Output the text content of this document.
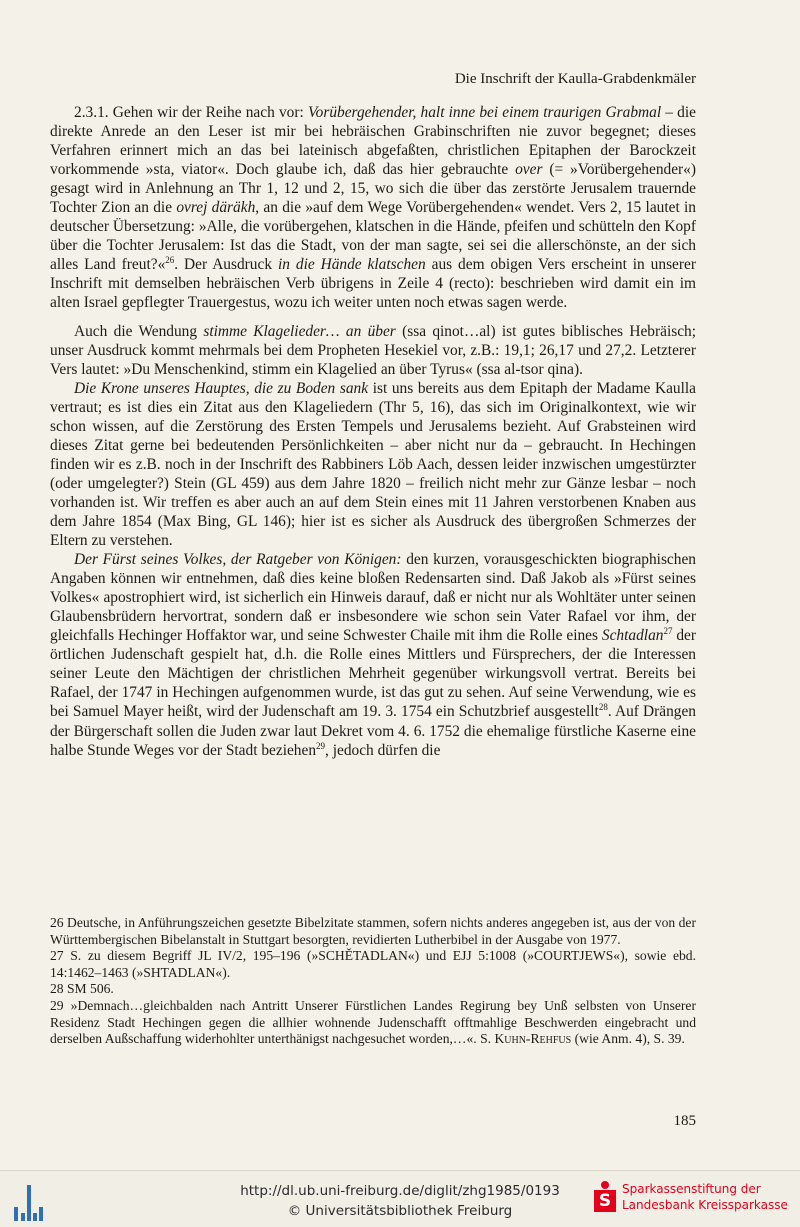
Die Inschrift der Kaulla-Grabdenkmäler

2.3.1. Gehen wir der Reihe nach vor: Vorübergehender, halt inne bei einem traurigen Grabmal – die direkte Anrede an den Leser ist mir bei hebräischen Grabinschriften nie zuvor begegnet; dieses Verfahren erinnert mich an das bei lateinisch abgefaßten, christlichen Epitaphen der Barockzeit vorkommende »sta, viator«. Doch glaube ich, daß das hier gebrauchte over (= »Vorübergehender«) gesagt wird in Anlehnung an Thr 1, 12 und 2, 15, wo sich die über das zerstörte Jerusalem trauernde Tochter Zion an die ovrej däräkh, an die »auf dem Wege Vorübergehenden« wendet. Vers 2, 15 lautet in deutscher Übersetzung: »Alle, die vorübergehen, klatschen in die Hände, pfeifen und schütteln den Kopf über die Tochter Jerusalem: Ist das die Stadt, von der man sagte, sei sei die allerschönste, an der sich alles Land freut?«$^{26}$. Der Ausdruck in die Hände klatschen aus dem obigen Vers erscheint in unserer Inschrift mit demselben hebräischen Verb übrigens in Zeile 4 (recto): beschrieben wird damit ein im alten Israel gepflegter Trauergestus, wozu ich weiter unten noch etwas sagen werde.

Auch die Wendung stimme Klagelieder… an über (ssa qinot…al) ist gutes biblisches Hebräisch; unser Ausdruck kommt mehrmals bei dem Propheten Hesekiel vor, z.B.: 19,1; 26,17 und 27,2. Letzterer Vers lautet: »Du Menschenkind, stimm ein Klagelied an über Tyrus« (ssa al-tsor qina).

Die Krone unseres Hauptes, die zu Boden sank ist uns bereits aus dem Epitaph der Madame Kaulla vertraut; es ist dies ein Zitat aus den Klageliedern (Thr 5, 16), das sich im Originalkontext, wie wir schon wissen, auf die Zerstörung des Ersten Tempels und Jerusalems bezieht. Auf Grabsteinen wird dieses Zitat gerne bei bedeutenden Persönlichkeiten – aber nicht nur da – gebraucht. In Hechingen finden wir es z.B. noch in der Inschrift des Rabbiners Löb Aach, dessen leider inzwischen umgestürzter (oder umgelegter?) Stein (GL 459) aus dem Jahre 1820 – freilich nicht mehr zur Gänze lesbar – noch vorhanden ist. Wir treffen es aber auch an auf dem Stein eines mit 11 Jahren verstorbenen Knaben aus dem Jahre 1854 (Max Bing, GL 146); hier ist es sicher als Ausdruck des übergroßen Schmerzes der Eltern zu verstehen.

Der Fürst seines Volkes, der Ratgeber von Königen: den kurzen, vorausgeschickten biographischen Angaben können wir entnehmen, daß dies keine bloßen Redensarten sind. Daß Jakob als »Fürst seines Volkes« apostrophiert wird, ist sicherlich ein Hinweis darauf, daß er nicht nur als Wohltäter unter seinen Glaubensbrüdern hervortrat, sondern daß er insbesondere wie schon sein Vater Rafael vor ihm, der gleichfalls Hechinger Hoffaktor war, und seine Schwester Chaile mit ihm die Rolle eines Schtadlan$^{27}$ der örtlichen Judenschaft gespielt hat, d.h. die Rolle eines Mittlers und Fürsprechers, der die Interessen seiner Leute den Mächtigen der christlichen Mehrheit gegenüber wirkungsvoll vertrat. Bereits bei Rafael, der 1747 in Hechingen aufgenommen wurde, ist das gut zu sehen. Auf seine Verwendung, wie es bei Samuel Mayer heißt, wird der Judenschaft am 19. 3. 1754 ein Schutzbrief ausgestellt$^{28}$. Auf Drängen der Bürgerschaft sollen die Juden zwar laut Dekret vom 4. 6. 1752 die ehemalige fürstliche Kaserne eine halbe Stunde Weges vor der Stadt beziehen$^{29}$, jedoch dürfen die

26 Deutsche, in Anführungszeichen gesetzte Bibelzitate stammen, sofern nichts anderes angegeben ist, aus der von der Württembergischen Bibelanstalt in Stuttgart besorgten, revidierten Lutherbibel in der Ausgabe von 1977.

27 S. zu diesem Begriff JL IV/2, 195–196 (»SCHĚTADLAN«) und EJJ 5:1008 (»COURTJEWS«), sowie ebd. 14:1462–1463 (»SHTADLAN«).

28 SM 506.

29 »Demnach…gleichbalden nach Antritt Unserer Fürstlichen Landes Regirung bey Unß selbsten von Unserer Residenz Stadt Hechingen gegen die allhier wohnende Judenschafft offtmahlige Beschwerden eingebracht und derselben Außschaffung widerhohlter unterthänigst nachgesuchet worden,…«. S. Kuhn-Rehfus (wie Anm. 4), S. 39.

185
http://dl.ub.uni-freiburg.de/diglit/zhg1985/0193
© Universitätsbibliothek Freiburg	S
Sparkassenstiftung der
Landesbank Kreissparkasse
